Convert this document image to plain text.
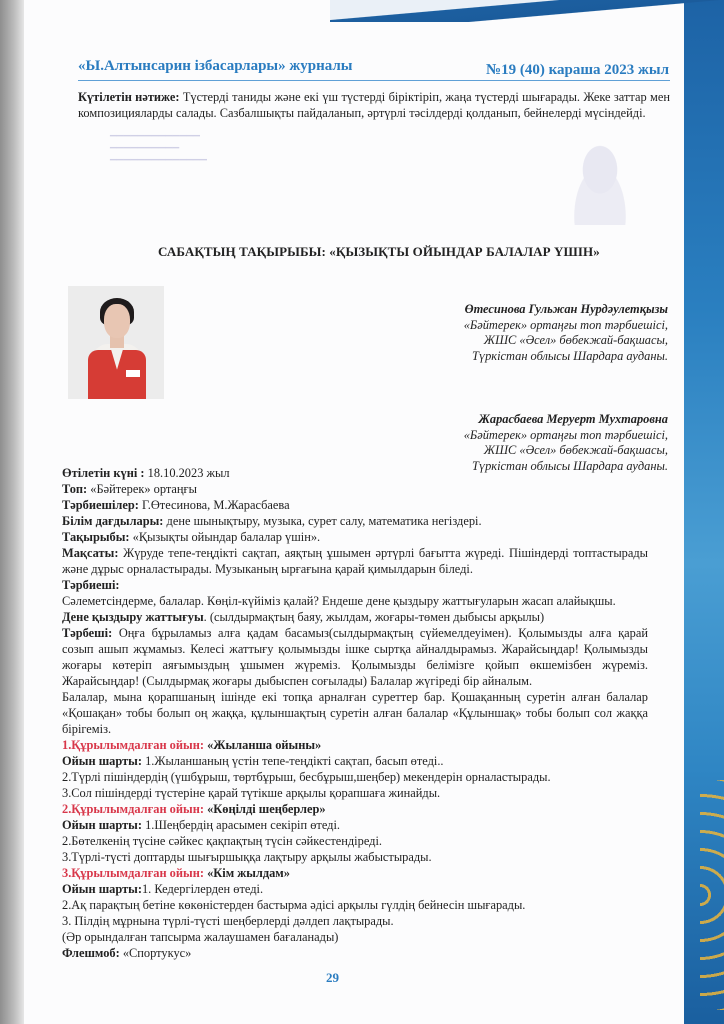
«Ы.Алтынсарин ізбасарлары» журналы	№19 (40) караша 2023 жыл
Күтілетін нәтиже: Түстерді таниды және екі үш түстерді біріктіріп, жаңа түстерді шығарады. Жеке заттар мен композицияларды салады. Сазбалшықты пайдаланып, әртүрлі тәсілдерді қолданып, бейнелерді мүсіндейді.
▁▁▁▁▁▁▁▁▁▁▁▁▁
▁▁▁▁▁▁▁▁▁▁
▁▁▁▁▁▁▁▁▁▁▁▁▁▁
САБАҚТЫҢ ТАҚЫРЫБЫ: «ҚЫЗЫҚТЫ ОЙЫНДАР БАЛАЛАР ҮШІН»
Өтесинова Гульжан Нурдәулетқызы
«Бәйтерек» ортаңғы топ тәрбиешісі,
ЖШС «Әсел» бөбекжай-бақшасы,
Түркістан облысы Шардара ауданы.
Жарасбаева Меруерт Мухтаровна
«Бәйтерек» ортаңғы топ тәрбиешісі,
ЖШС «Әсел» бөбекжай-бақшасы,
Түркістан облысы Шардара ауданы.
Өтілетін күні : 18.10.2023 жыл
Топ: «Бәйтерек» ортаңғы
Тәрбиешілер: Г.Өтесинова, М.Жарасбаева
Білім дағдылары: дене шынықтыру, музыка, сурет салу, математика негіздері.
Тақырыбы: «Қызықты ойындар балалар үшін».
Мақсаты: Жүруде тепе-теңдікті сақтап, аяқтың ұшымен әртүрлі бағытта жүреді. Пішіндерді топтастырады және дұрыс орналастырады. Музыканың ырғағына қарай қимылдарын біледі.
Тәрбиеші:
Сәлеметсіндерме, балалар. Көңіл-күйіміз қалай? Ендеше дене қыздыру жаттығуларын жасап алайықшы.
Дене қыздыру жаттығуы. (сылдырмақтың баяу, жылдам, жоғары-төмен дыбысы арқылы)
Тәрбеші: Оңға бұрыламыз алға қадам басамыз(сылдырмақтың сүйемелдеуімен). Қолымызды алға қарай созып ашып жұмамыз. Келесі жаттығу қолымызды ішке сыртқа айналдырамыз. Жарайсыңдар! Қолымызды жоғары көтеріп аяғымыздың ұшымен жүреміз. Қолымызды белімізге қойып өкшемізбен жүреміз. Жарайсыңдар! (Сылдырмақ жоғары дыбыспен соғылады) Балалар жүгіреді бір айналым.
Балалар, мына қорапшаның ішінде екі топқа арналған суреттер бар. Қошақанның суретін алған балалар «Қошақан» тобы болып оң жаққа, құлыншақтың суретін алған балалар «Құлыншақ» тобы болып сол жаққа бірігеміз.
1.Құрылымдалған ойын: «Жыланша ойыны»
Ойын шарты: 1.Жыланшаның үстін тепе-теңдікті сақтап, басып өтеді..
2.Түрлі пішіндердің (үшбұрыш, төртбұрыш, бесбұрыш,шеңбер) мекендерін орналастырады.
3.Сол пішіндерді түстеріне қарай түтікше арқылы қорапшаға жинайды.
2.Құрылымдалған ойын: «Көңілді шеңберлер»
Ойын шарты: 1.Шеңбердің арасымен секіріп өтеді.
2.Бөтелкенің түсіне сәйкес қақпақтың түсін сәйкестендіреді.
3.Түрлі-түсті доптарды шығыршыққа лақтыру арқылы жабыстырады.
3.Құрылымдалған ойын: «Кім жылдам»
Ойын шарты:1. Кедергілерден өтеді.
2.Ақ парақтың бетіне көкөністерден бастырма әдісі арқылы гүлдің бейнесін шығарады.
3. Пілдің мұрнына түрлі-түсті шеңберлерді дәлдеп лақтырады.
(Әр орындалған тапсырма жалаушамен бағаланады)
Флешмоб: «Спортукус»
29
